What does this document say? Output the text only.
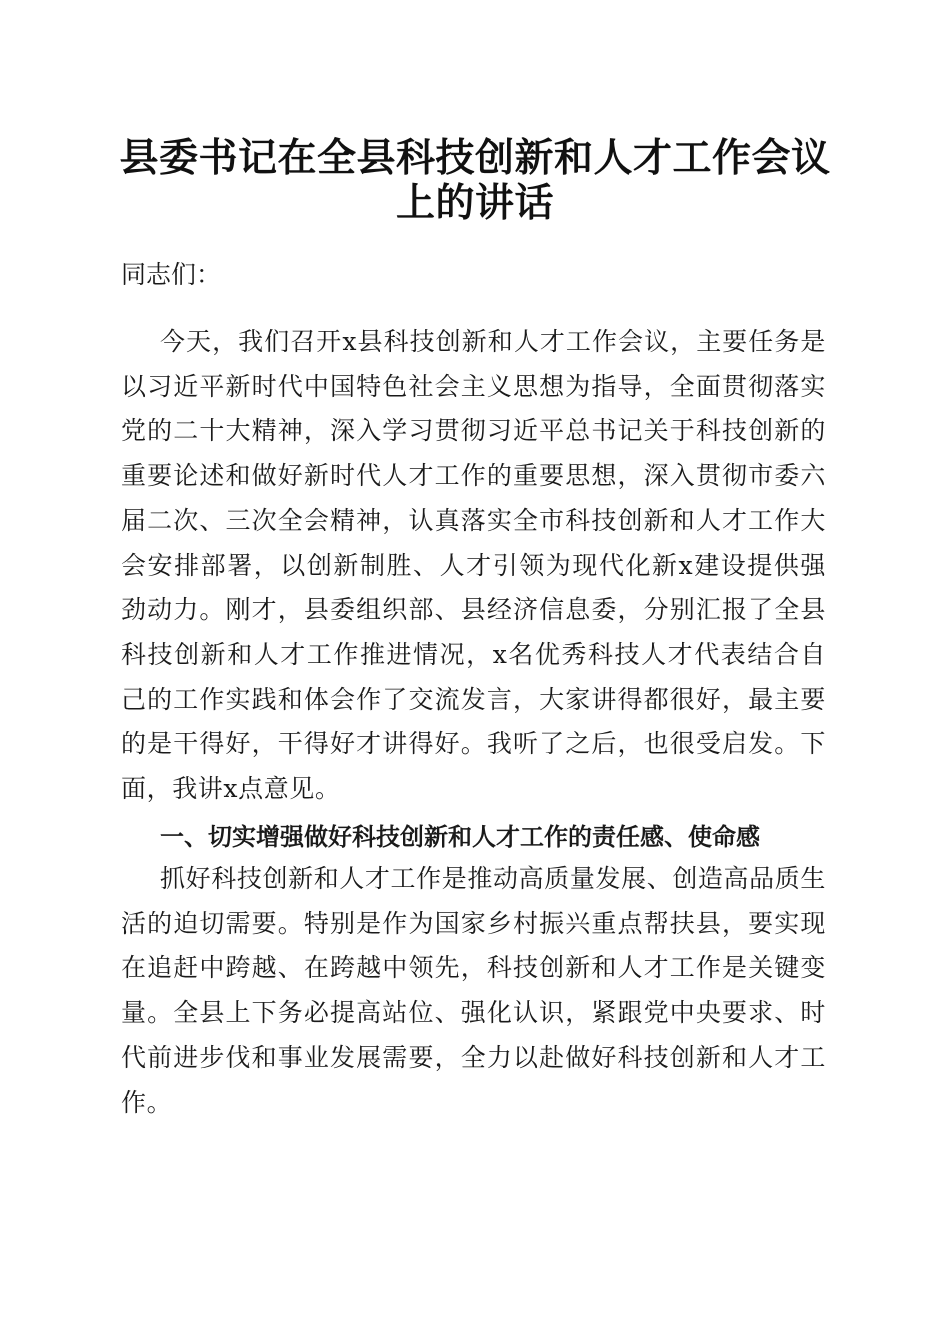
县委书记在全县科技创新和人才工作会议上的讲话

同志们：

今天，我们召开x县科技创新和人才工作会议，主要任务是以习近平新时代中国特色社会主义思想为指导，全面贯彻落实党的二十大精神，深入学习贯彻习近平总书记关于科技创新的重要论述和做好新时代人才工作的重要思想，深入贯彻市委六届二次、三次全会精神，认真落实全市科技创新和人才工作大会安排部署，以创新制胜、人才引领为现代化新x建设提供强劲动力。刚才，县委组织部、县经济信息委，分别汇报了全县科技创新和人才工作推进情况，x名优秀科技人才代表结合自己的工作实践和体会作了交流发言，大家讲得都很好，最主要的是干得好，干得好才讲得好。我听了之后，也很受启发。下面，我讲x点意见。

一、切实增强做好科技创新和人才工作的责任感、使命感

抓好科技创新和人才工作是推动高质量发展、创造高品质生活的迫切需要。特别是作为国家乡村振兴重点帮扶县，要实现在追赶中跨越、在跨越中领先，科技创新和人才工作是关键变量。全县上下务必提高站位、强化认识，紧跟党中央要求、时代前进步伐和事业发展需要，全力以赴做好科技创新和人才工作。
